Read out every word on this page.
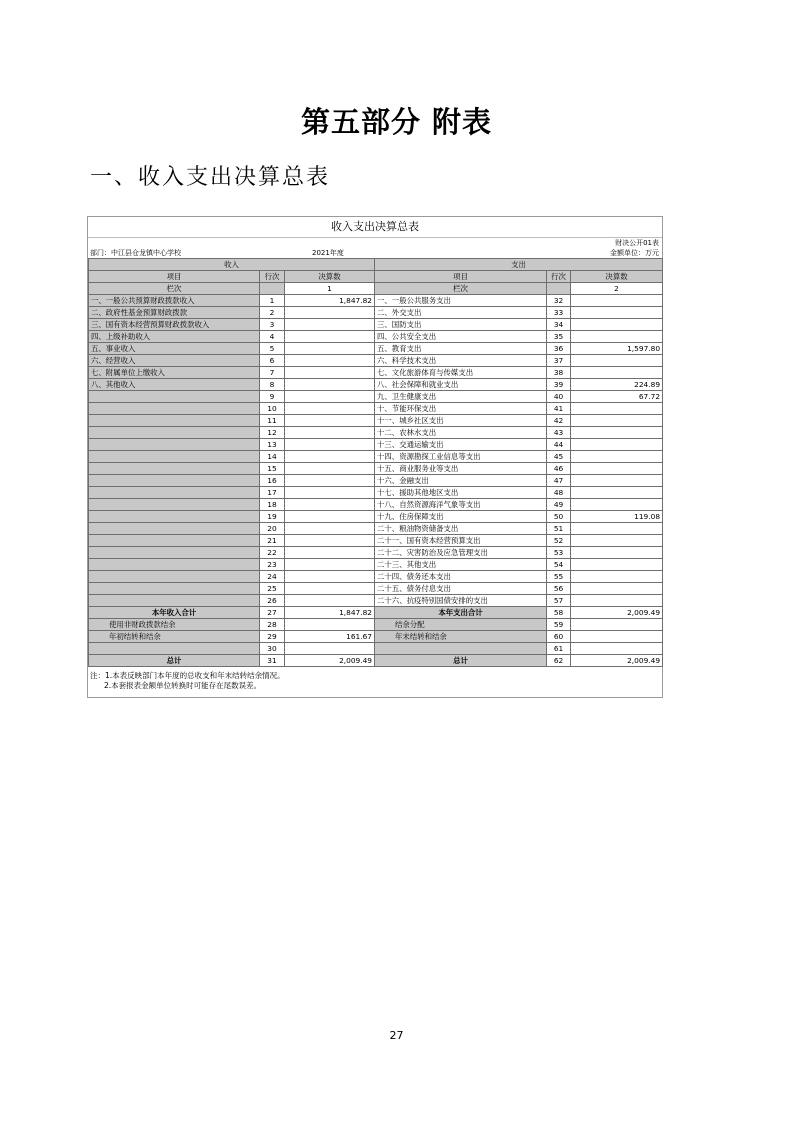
第五部分 附表
一、收入支出决算总表
收入支出决算总表
财决公开01表
部门：中江县仓龙镇中心学校	2021年度	金额单位：万元
收入			支出		
项目	行次	决算数	项目	行次	决算数
栏次		1	栏次		2
一、一般公共预算财政拨款收入	1	1,847.82	一、一般公共服务支出	32	
二、政府性基金预算财政拨款	2		二、外交支出	33	
三、国有资本经营预算财政拨款收入	3		三、国防支出	34	
四、上级补助收入	4		四、公共安全支出	35	
五、事业收入	5		五、教育支出	36	1,597.80
六、经营收入	6		六、科学技术支出	37	
七、附属单位上缴收入	7		七、文化旅游体育与传媒支出	38	
八、其他收入	8		八、社会保障和就业支出	39	224.89
	9		九、卫生健康支出	40	67.72
	10		十、节能环保支出	41	
	11		十一、城乡社区支出	42	
	12		十二、农林水支出	43	
	13		十三、交通运输支出	44	
	14		十四、资源勘探工业信息等支出	45	
	15		十五、商业服务业等支出	46	
	16		十六、金融支出	47	
	17		十七、援助其他地区支出	48	
	18		十八、自然资源海洋气象等支出	49	
	19		十九、住房保障支出	50	119.08
	20		二十、粮油物资储备支出	51	
	21		二十一、国有资本经营预算支出	52	
	22		二十二、灾害防治及应急管理支出	53	
	23		二十三、其他支出	54	
	24		二十四、债务还本支出	55	
	25		二十五、债务付息支出	56	
	26		二十六、抗疫特别国债安排的支出	57	
本年收入合计	27	1,847.82	本年支出合计	58	2,009.49
使用非财政拨款结余	28		结余分配	59	
年初结转和结余	29	161.67	年末结转和结余	60	
	30			61	
总计	31	2,009.49	总计	62	2,009.49
注：1.本表反映部门本年度的总收支和年末结转结余情况。
2.本套报表金额单位转换时可能存在尾数误差。
27
